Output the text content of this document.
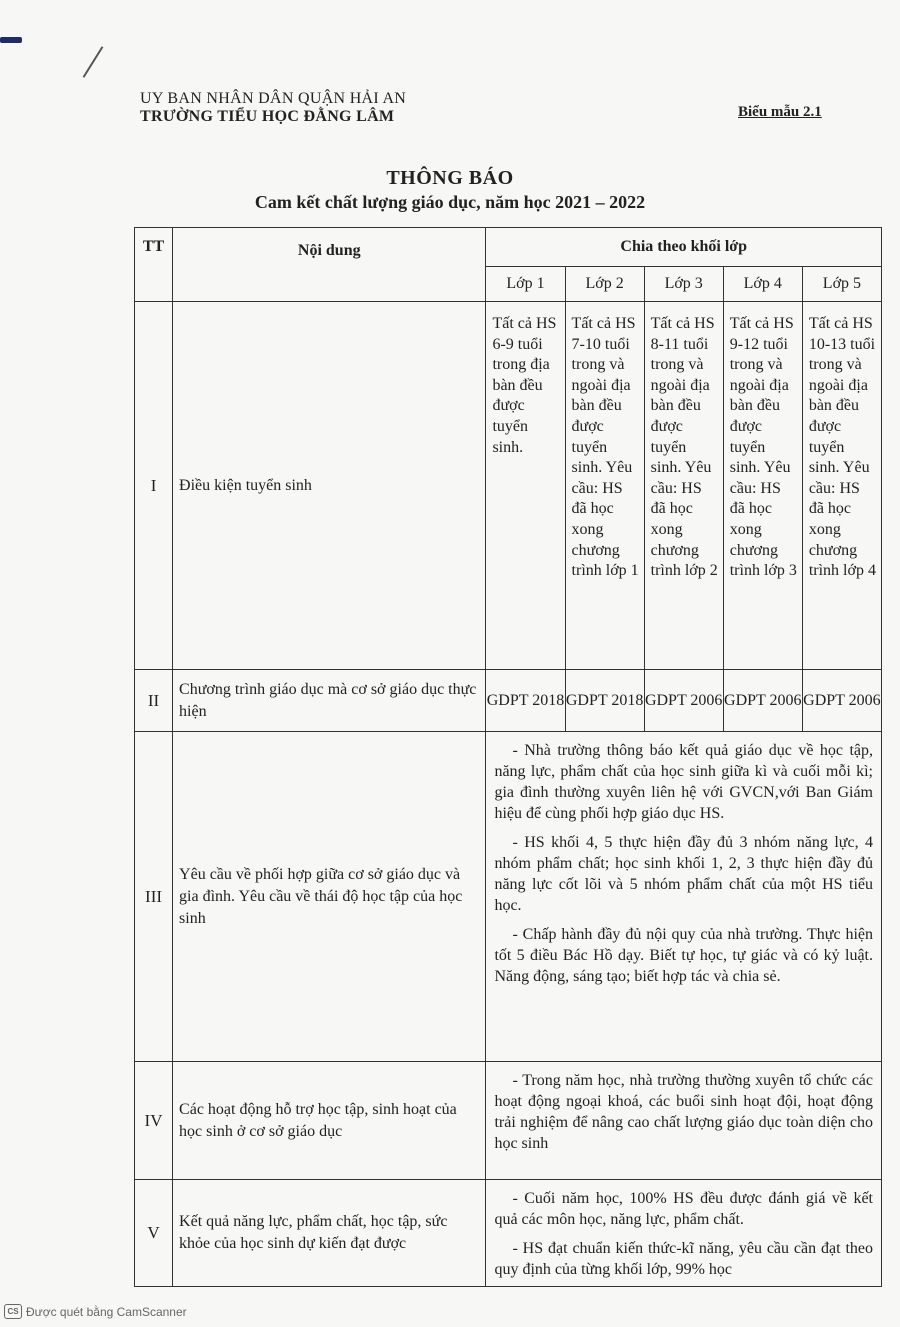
UY BAN NHÂN DÂN QUẬN HẢI AN
TRƯỜNG TIỂU HỌC ĐẰNG LÂM	Biểu mẫu 2.1
THÔNG BÁO
Cam kết chất lượng giáo dục, năm học 2021 – 2022
TT	Nội dung	Chia theo khối lớp				
		Lớp 1	Lớp 2	Lớp 3	Lớp 4	Lớp 5
I	Điều kiện tuyển sinh	Tất cả HS 6-9 tuổi trong địa bàn đều được tuyển sinh.	Tất cả HS 7-10 tuổi trong và ngoài địa bàn đều được tuyển sinh. Yêu cầu: HS đã học xong chương trình lớp 1	Tất cả HS 8-11 tuổi trong và ngoài địa bàn đều được tuyển sinh. Yêu cầu: HS đã học xong chương trình lớp 2	Tất cả HS 9-12 tuổi trong và ngoài địa bàn đều được tuyển sinh. Yêu cầu: HS đã học xong chương trình lớp 3	Tất cả HS 10-13 tuổi trong và ngoài địa bàn đều được tuyển sinh. Yêu cầu: HS đã học xong chương trình lớp 4
II	Chương trình giáo dục mà cơ sở giáo dục thực hiện	GDPT 2018	GDPT 2018	GDPT 2006	GDPT 2006	GDPT 2006
III	Yêu cầu về phối hợp giữa cơ sở giáo dục và gia đình. Yêu cầu về thái độ học tập của học sinh	- Nhà trường thông báo kết quả giáo dục về học tập, năng lực, phẩm chất của học sinh giữa kì và cuối mỗi kì; gia đình thường xuyên liên hệ với GVCN,với Ban Giám hiệu để cùng phối hợp giáo dục HS.

- HS khối 4, 5 thực hiện đầy đủ 3 nhóm năng lực, 4 nhóm phẩm chất; học sinh khối 1, 2, 3 thực hiện đầy đủ năng lực cốt lõi và 5 nhóm phẩm chất của một HS tiểu học.

- Chấp hành đầy đủ nội quy của nhà trường. Thực hiện tốt 5 điều Bác Hồ dạy. Biết tự học, tự giác và có kỷ luật. Năng động, sáng tạo; biết hợp tác và chia sẻ.				

IV	Các hoạt động hỗ trợ học tập, sinh hoạt của học sinh ở cơ sở giáo dục	- Trong năm học, nhà trường thường xuyên tổ chức các hoạt động ngoại khoá, các buổi sinh hoạt đội, hoạt động trải nghiệm để nâng cao chất lượng giáo dục toàn diện cho học sinh				

V	Kết quả năng lực, phẩm chất, học tập, sức khỏe của học sinh dự kiến đạt được	- Cuối năm học, 100% HS đều được đánh giá về kết quả các môn học, năng lực, phẩm chất.

- HS đạt chuẩn kiến thức-kĩ năng, yêu cầu cần đạt theo quy định của từng khối lớp, 99% học				

CS Được quét bằng CamScanner
